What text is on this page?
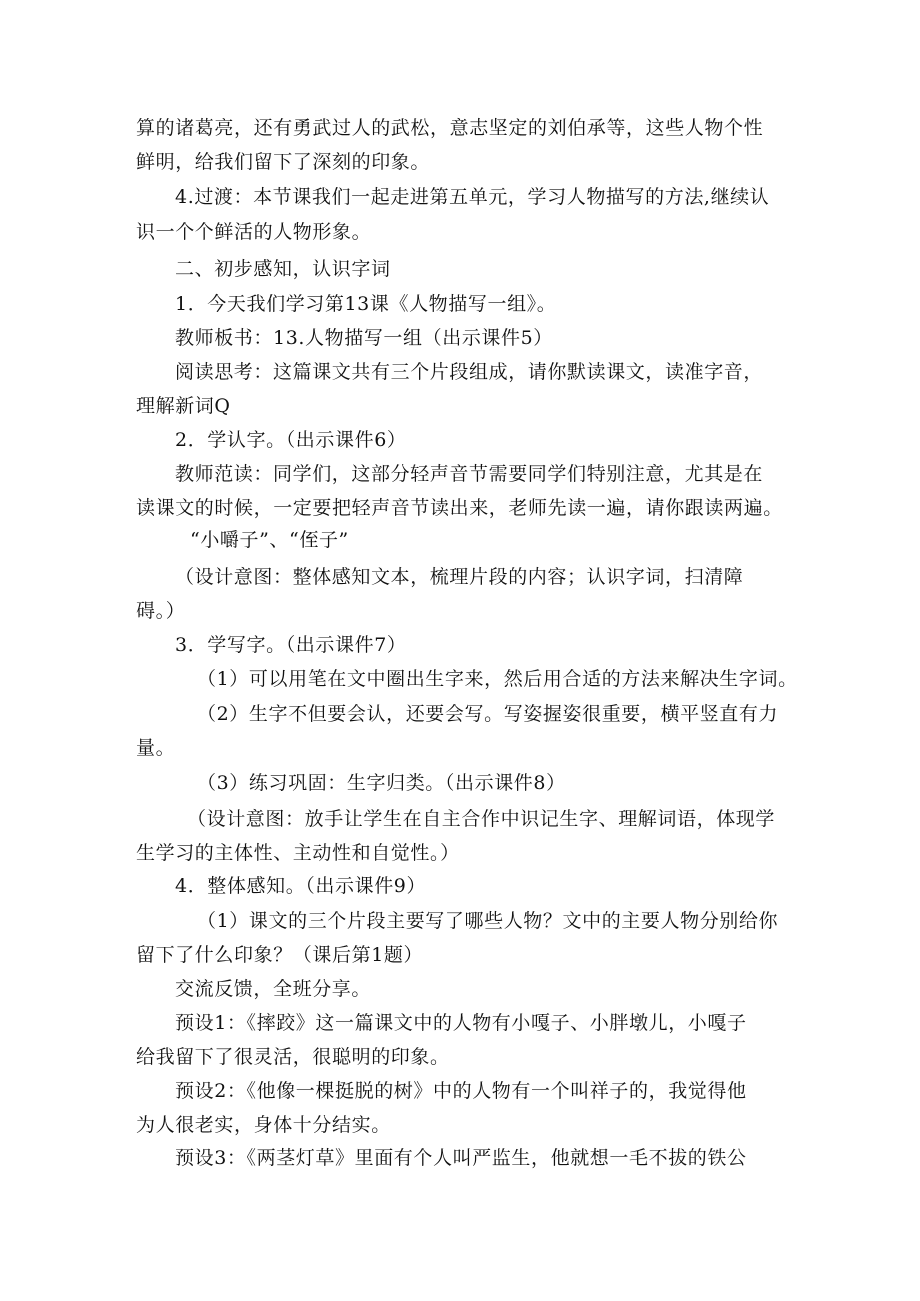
算的诸葛亮，还有勇武过人的武松，意志坚定的刘伯承等，这些人物个性
鲜明，给我们留下了深刻的印象。
4.过渡：本节课我们一起走进第五单元，学习人物描写的方法,继续认
识一个个鲜活的人物形象。
二、初步感知，认识字词
1．今天我们学习第13课《人物描写一组》。
教师板书：13.人物描写一组（出示课件5）
阅读思考：这篇课文共有三个片段组成，请你默读课文，读准字音，
理解新词Q
2．学认字。（出示课件6）
教师范读：同学们，这部分轻声音节需要同学们特别注意，尤其是在
读课文的时候，一定要把轻声音节读出来，老师先读一遍，请你跟读两遍。
“小嚼子”、“侄子”
（设计意图：整体感知文本，梳理片段的内容；认识字词，扫清障
碍。）
3．学写字。（出示课件7）
（1）可以用笔在文中圈出生字来，然后用合适的方法来解决生字词。
（2）生字不但要会认，还要会写。写姿握姿很重要，横平竖直有力
量。
（3）练习巩固：生字归类。（出示课件8）
（设计意图：放手让学生在自主合作中识记生字、理解词语，体现学
生学习的主体性、主动性和自觉性。）
4．整体感知。（出示课件9）
（1）课文的三个片段主要写了哪些人物？文中的主要人物分别给你
留下了什么印象？（课后第1题）
交流反馈，全班分享。
预设1：《摔跤》这一篇课文中的人物有小嘎子、小胖墩儿，小嘎子
给我留下了很灵活，很聪明的印象。
预设2：《他像一棵挺脱的树》中的人物有一个叫祥子的，我觉得他
为人很老实，身体十分结实。
预设3：《两茎灯草》里面有个人叫严监生，他就想一毛不拔的铁公
